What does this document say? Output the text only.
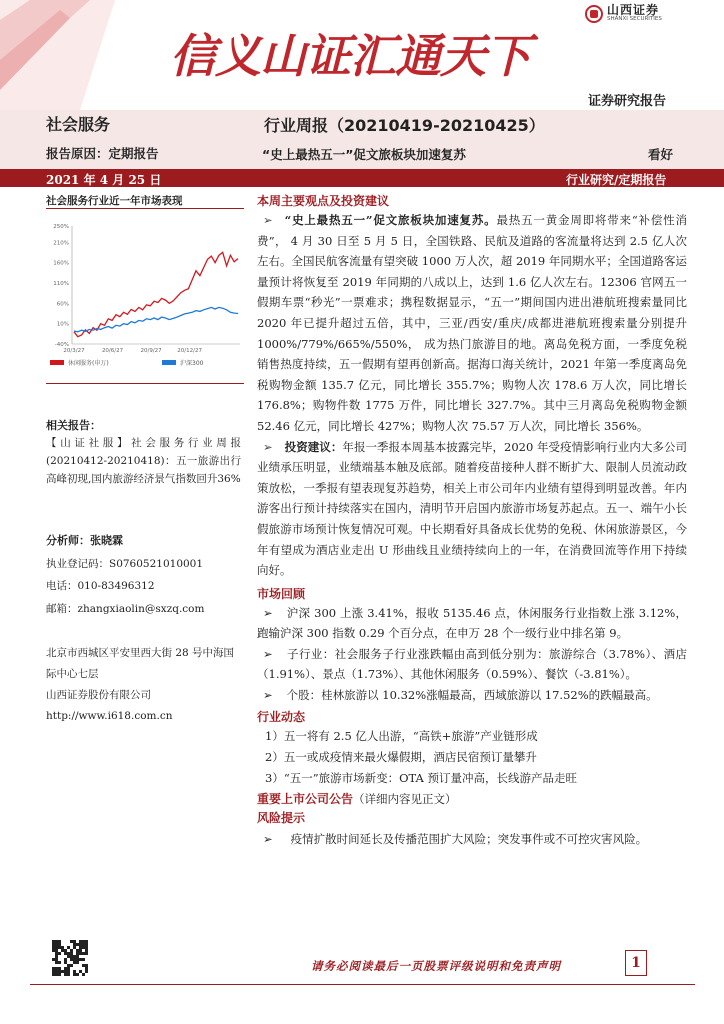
信义山证汇通天下
山西证券
SHANXI SECURITIES
证券研究报告
社会服务
报告原因：定期报告
行业周报（20210419-20210425）
“史上最热五一”促文旅板块加速复苏	看好
2021 年 4 月 25 日	行业研究/定期报告
社会服务行业近一年市场表现
-40%
10%
60%
110%
160%
210%
250%
20/3/27	20/6/27	20/9/27	20/12/27
休闲服务(申万)	沪深300
相关报告：
【山证社服】社会服务行业周报(20210412-20210418)：五一旅游出行高峰初现,国内旅游经济景气指数回升36%
分析师：张晓霖
执业登记码：S0760521010001
电话：010-83496312
邮箱：zhangxiaolin@sxzq.com
北京市西城区平安里西大街 28 号中海国际中心七层
山西证券股份有限公司
http://www.i618.com.cn
本周主要观点及投资建议
➢ “史上最热五一”促文旅板块加速复苏。最热五一黄金周即将带来“补偿性消费”， 4 月 30 日至 5 月 5 日，全国铁路、民航及道路的客流量将达到 2.5 亿人次左右。全国民航客流量有望突破 1000 万人次，超 2019 年同期水平；全国道路客运量预计将恢复至 2019 年同期的八成以上，达到 1.6 亿人次左右。12306 官网五一假期车票“秒光”一票难求；携程数据显示，“五一”期间国内进出港航班搜索量同比 2020 年已提升超过五倍，其中，三亚/西安/重庆/成都进港航班搜索量分别提升 1000%/779%/665%/550%， 成为热门旅游目的地。离岛免税方面，一季度免税销售热度持续，五一假期有望再创新高。据海口海关统计，2021 年第一季度离岛免税购物金额 135.7 亿元，同比增长 355.7%；购物人次 178.6 万人次，同比增长 176.8%；购物件数 1775 万件，同比增长 327.7%。其中三月离岛免税购物金额 52.46 亿元，同比增长 427%；购物人次 75.57 万人次，同比增长 356%。
➢ 投资建议：年报一季报本周基本披露完毕，2020 年受疫情影响行业内大多公司业绩承压明显，业绩端基本触及底部。随着疫苗接种人群不断扩大、限制人员流动政策放松，一季报有望表现复苏趋势，相关上市公司年内业绩有望得到明显改善。年内游客出行预计持续落实在国内，清明节开启国内旅游市场复苏起点。五一、端午小长假旅游市场预计恢复情况可观。中长期看好具备成长优势的免税、休闲旅游景区，今年有望成为酒店业走出 U 形曲线且业绩持续向上的一年，在消费回流等作用下持续向好。
市场回顾
➢ 沪深 300 上涨 3.41%，报收 5135.46 点，休闲服务行业指数上涨 3.12%，跑输沪深 300 指数 0.29 个百分点，在申万 28 个一级行业中排名第 9。
➢ 子行业：社会服务子行业涨跌幅由高到低分别为：旅游综合（3.78%）、酒店（1.91%）、景点（1.73%）、其他休闲服务（0.59%）、餐饮（-3.81%）。
➢ 个股：桂林旅游以 10.32%涨幅最高，西域旅游以 17.52%的跌幅最高。
行业动态
1）五一将有 2.5 亿人出游，“高铁+旅游”产业链形成
2）五一或成疫情来最火爆假期，酒店民宿预订量攀升
3）“五一”旅游市场新变：OTA 预订量冲高，长线游产品走旺
重要上市公司公告（详细内容见正文）
风险提示
➢ 疫情扩散时间延长及传播范围扩大风险；突发事件或不可控灾害风险。
请务必阅读最后一页股票评级说明和免责声明	1
